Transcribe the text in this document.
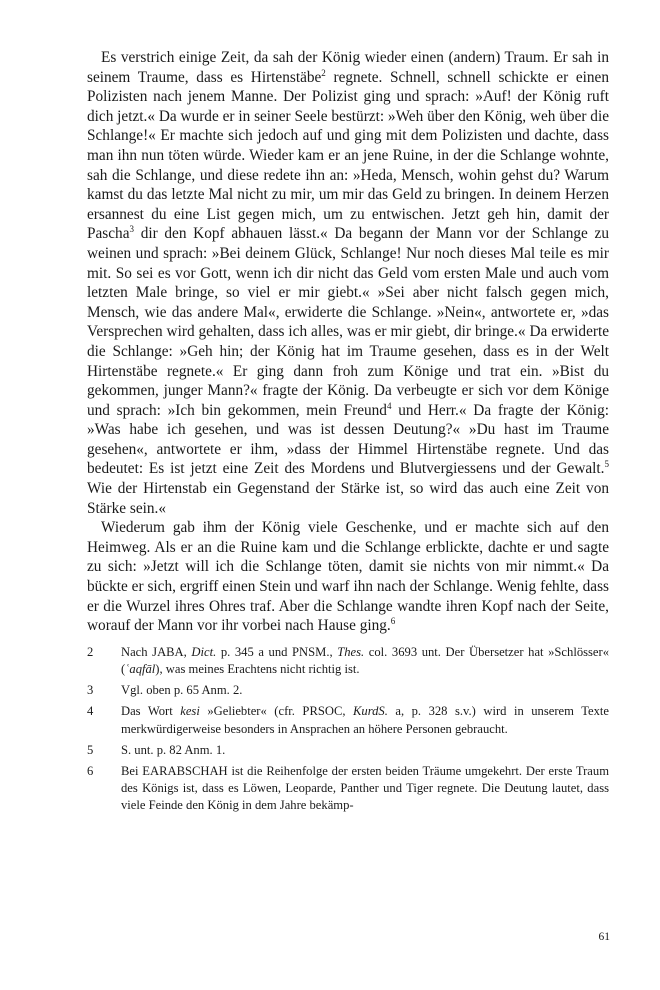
Es verstrich einige Zeit, da sah der König wieder einen (andern) Traum. Er sah in seinem Traume, dass es Hirtenstäbe$^2$ regnete. Schnell, schnell schickte er einen Polizisten nach jenem Manne. Der Polizist ging und sprach: »Auf! der König ruft dich jetzt.« Da wurde er in seiner Seele bestürzt: »Weh über den König, weh über die Schlange!« Er machte sich jedoch auf und ging mit dem Polizisten und dachte, dass man ihn nun töten würde. Wieder kam er an jene Ruine, in der die Schlange wohnte, sah die Schlange, und diese redete ihn an: »Heda, Mensch, wohin gehst du? Warum kamst du das letzte Mal nicht zu mir, um mir das Geld zu bringen. In deinem Herzen ersannest du eine List gegen mich, um zu entwischen. Jetzt geh hin, damit der Pascha$^3$ dir den Kopf abhauen lässt.« Da begann der Mann vor der Schlange zu weinen und sprach: »Bei deinem Glück, Schlange! Nur noch dieses Mal teile es mir mit. So sei es vor Gott, wenn ich dir nicht das Geld vom ersten Male und auch vom letzten Male bringe, so viel er mir giebt.« »Sei aber nicht falsch gegen mich, Mensch, wie das andere Mal«, erwiderte die Schlange. »Nein«, antwortete er, »das Versprechen wird gehalten, dass ich alles, was er mir giebt, dir bringe.« Da erwiderte die Schlange: »Geh hin; der König hat im Traume gesehen, dass es in der Welt Hirtenstäbe regnete.« Er ging dann froh zum Könige und trat ein. »Bist du gekommen, junger Mann?« fragte der König. Da verbeugte er sich vor dem Könige und sprach: »Ich bin gekommen, mein Freund$^4$ und Herr.« Da fragte der König: »Was habe ich gesehen, und was ist dessen Deutung?« »Du hast im Traume gesehen«, antwortete er ihm, »dass der Himmel Hirtenstäbe regnete. Und das bedeutet: Es ist jetzt eine Zeit des Mordens und Blutvergiessens und der Gewalt.$^5$ Wie der Hirtenstab ein Gegenstand der Stärke ist, so wird das auch eine Zeit von Stärke sein.«

Wiederum gab ihm der König viele Geschenke, und er machte sich auf den Heimweg. Als er an die Ruine kam und die Schlange erblickte, dachte er und sagte zu sich: »Jetzt will ich die Schlange töten, damit sie nichts von mir nimmt.« Da bückte er sich, ergriff einen Stein und warf ihn nach der Schlange. Wenig fehlte, dass er die Wurzel ihres Ohres traf. Aber die Schlange wandte ihren Kopf nach der Seite, worauf der Mann vor ihr vorbei nach Hause ging.$^6$

2	Nach JABA, Dict. p. 345 a und PNSM., Thes. col. 3693 unt. Der Übersetzer hat »Schlösser« (ʿaqfāl), was meines Erachtens nicht richtig ist.
3	Vgl. oben p. 65 Anm. 2.
4	Das Wort kesi »Geliebter« (cfr. PRSOC, KurdS. a, p. 328 s.v.) wird in unserem Texte merkwürdigerweise besonders in Ansprachen an höhere Personen gebraucht.
5	S. unt. p. 82 Anm. 1.
6	Bei EARABSCHAH ist die Reihenfolge der ersten beiden Träume umgekehrt. Der erste Traum des Königs ist, dass es Löwen, Leoparde, Panther und Tiger regnete. Die Deutung lautet, dass viele Feinde den König in dem Jahre bekämp-
61
